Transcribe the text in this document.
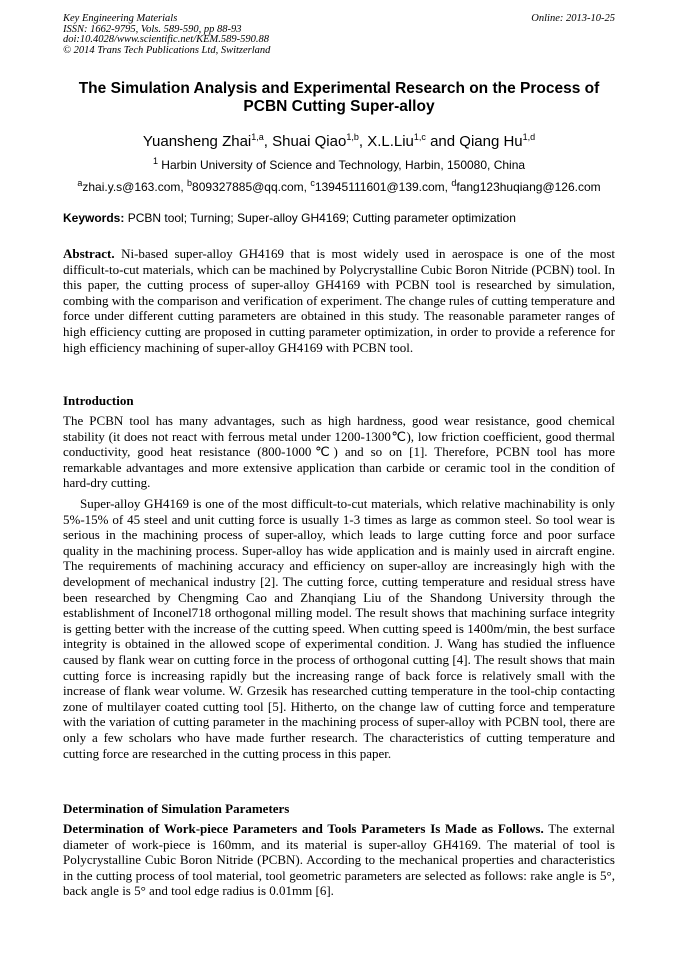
Key Engineering Materials
ISSN: 1662-9795, Vols. 589-590, pp 88-93
doi:10.4028/www.scientific.net/KEM.589-590.88
© 2014 Trans Tech Publications Ltd, Switzerland
Online: 2013-10-25
The Simulation Analysis and Experimental Research on the Process of
PCBN Cutting Super-alloy
Yuansheng Zhai$^{1,a}$, Shuai Qiao$^{1,b}$, X.L.Liu$^{1,c}$ and Qiang Hu$^{1,d}$
$^1$ Harbin University of Science and Technology, Harbin, 150080, China
$^a$zhai.y.s@163.com, $^b$809327885@qq.com, $^c$13945111601@139.com, $^d$fang123huqiang@126.com
Keywords: PCBN tool; Turning; Super-alloy GH4169; Cutting parameter optimization
Abstract. Ni-based super-alloy GH4169 that is most widely used in aerospace is one of the most difficult-to-cut materials, which can be machined by Polycrystalline Cubic Boron Nitride (PCBN) tool. In this paper, the cutting process of super-alloy GH4169 with PCBN tool is researched by simulation, combing with the comparison and verification of experiment. The change rules of cutting temperature and force under different cutting parameters are obtained in this study. The reasonable parameter ranges of high efficiency cutting are proposed in cutting parameter optimization, in order to provide a reference for high efficiency machining of super-alloy GH4169 with PCBN tool.
Introduction
The PCBN tool has many advantages, such as high hardness, good wear resistance, good chemical stability (it does not react with ferrous metal under 1200-1300℃), low friction coefficient, good thermal conductivity, good heat resistance (800-1000℃) and so on [1]. Therefore, PCBN tool has more remarkable advantages and more extensive application than carbide or ceramic tool in the condition of hard-dry cutting.
Super-alloy GH4169 is one of the most difficult-to-cut materials, which relative machinability is only 5%-15% of 45 steel and unit cutting force is usually 1-3 times as large as common steel. So tool wear is serious in the machining process of super-alloy, which leads to large cutting force and poor surface quality in the machining process. Super-alloy has wide application and is mainly used in aircraft engine. The requirements of machining accuracy and efficiency on super-alloy are increasingly high with the development of mechanical industry [2]. The cutting force, cutting temperature and residual stress have been researched by Chengming Cao and Zhanqiang Liu of the Shandong University through the establishment of Inconel718 orthogonal milling model. The result shows that machining surface integrity is getting better with the increase of the cutting speed. When cutting speed is 1400m/min, the best surface integrity is obtained in the allowed scope of experimental condition. J. Wang has studied the influence caused by flank wear on cutting force in the process of orthogonal cutting [4]. The result shows that main cutting force is increasing rapidly but the increasing range of back force is relatively small with the increase of flank wear volume. W. Grzesik has researched cutting temperature in the tool-chip contacting zone of multilayer coated cutting tool [5]. Hitherto, on the change law of cutting force and temperature with the variation of cutting parameter in the machining process of super-alloy with PCBN tool, there are only a few scholars who have made further research. The characteristics of cutting temperature and cutting force are researched in the cutting process in this paper.
Determination of Simulation Parameters
Determination of Work-piece Parameters and Tools Parameters Is Made as Follows. The external diameter of work-piece is 160mm, and its material is super-alloy GH4169. The material of tool is Polycrystalline Cubic Boron Nitride (PCBN). According to the mechanical properties and characteristics in the cutting process of tool material, tool geometric parameters are selected as follows: rake angle is 5°, back angle is 5° and tool edge radius is 0.01mm [6].
